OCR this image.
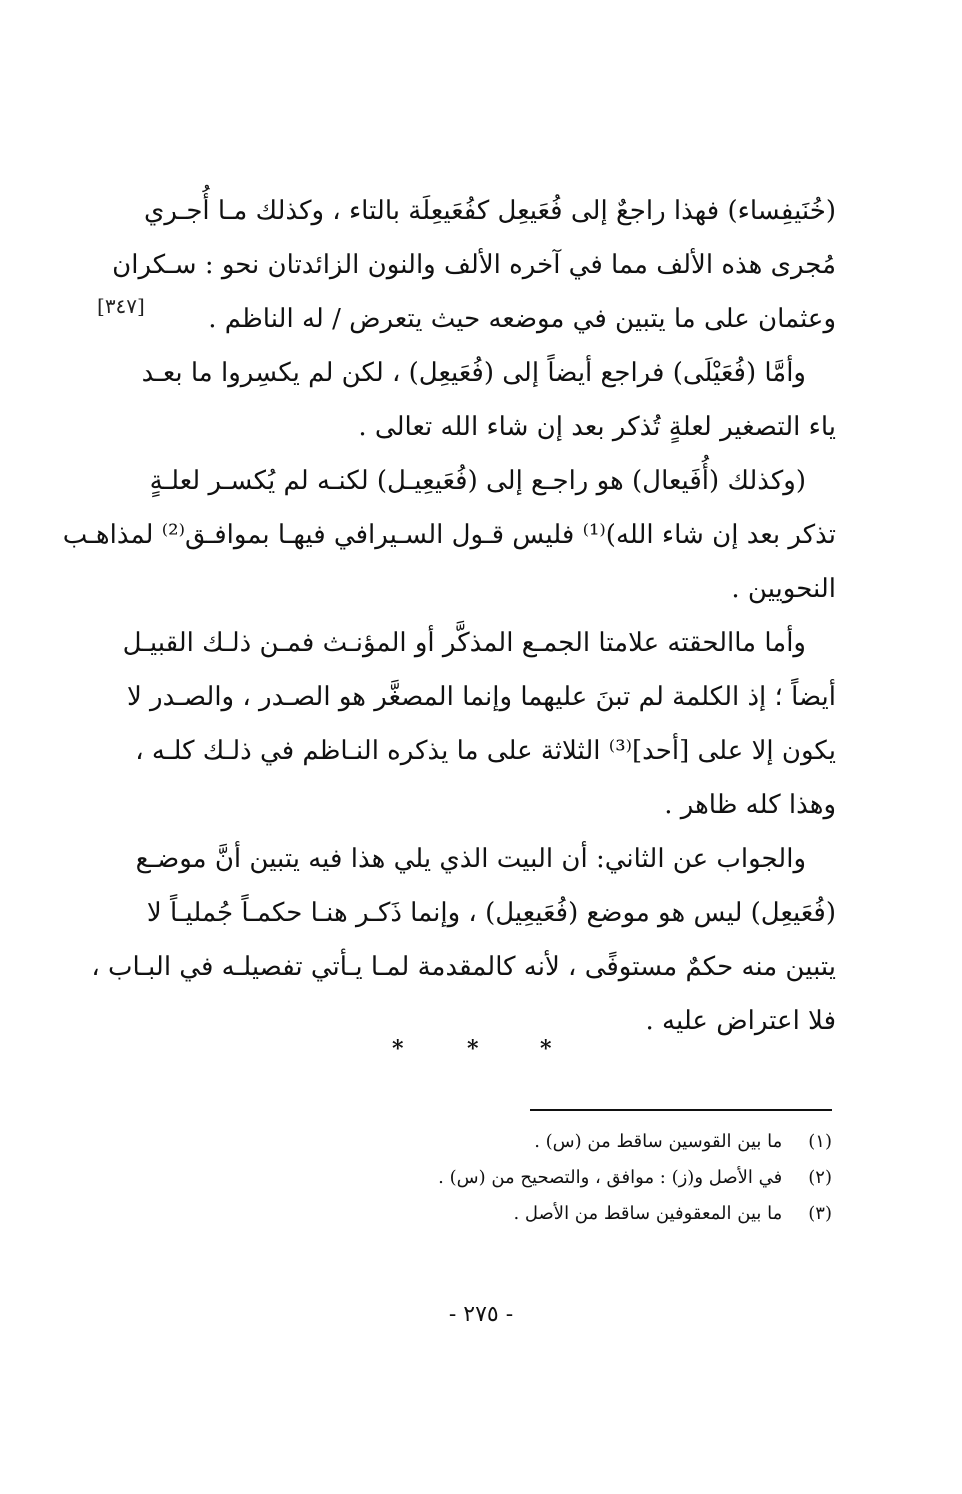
(خُنَيفِساء) فهذا راجعٌ إلى فُعَيعِل كفُعَيعِلَة بالتاء ، وكذلك مـا أُجـري
مُجرى هذه الألف مما في آخره الألف والنون الزائدتان نحو : سـكران
وعثمان على ما يتبين في موضعه حيث يتعرض / له الناظم .
وأمَّا (فُعَيْلَى) فراجع أيضاً إلى (فُعَيعِل) ، لكن لم يكسِروا ما بعـد
ياء التصغير لعلةٍ تُذكر بعد إن شاء الله تعالى .
(وكذلك (أُفَيعال) هو راجـع إلى (فُعَيعِيـل) لكنـه لم يُكسـر لعلـةٍ
تذكر بعد إن شاء الله)⁽¹⁾ فليس قـول السـيرافي فيهـا بموافـق⁽²⁾ لمذاهـب
النحويين .
وأما ماالحقته علامتا الجمـع المذكَّر أو المؤنـث فمـن ذلـك القبيـل
أيضاً ؛ إذ الكلمة لم تبنَ عليهما وإنما المصغَّر هو الصـدر ، والصـدر لا
يكون إلا على [أحد]⁽³⁾ الثلاثة على ما يذكره النـاظم في ذلـك كلـه ،
وهذا كله ظاهر .
والجواب عن الثاني: أن البيت الذي يلي هذا فيه يتبين أنَّ موضـع
(فُعَيعِل) ليس هو موضع (فُعَيعِيل) ، وإنما ذَكـر هنـا حكمـاً جُمليـاً لا
يتبين منه حكمٌ مستوفًى ، لأنه كالمقدمة لمـا يـأتي تفصيلـه في البـاب ،
فلا اعتراض عليه .
[٣٤٧]
*	*	*
(١) ما بين القوسين ساقط من (س) .
(٢) في الأصل و(ز) : موافق ، والتصحيح من (س) .
(٣) ما بين المعقوفين ساقط من الأصل .
- ٢٧٥ -
